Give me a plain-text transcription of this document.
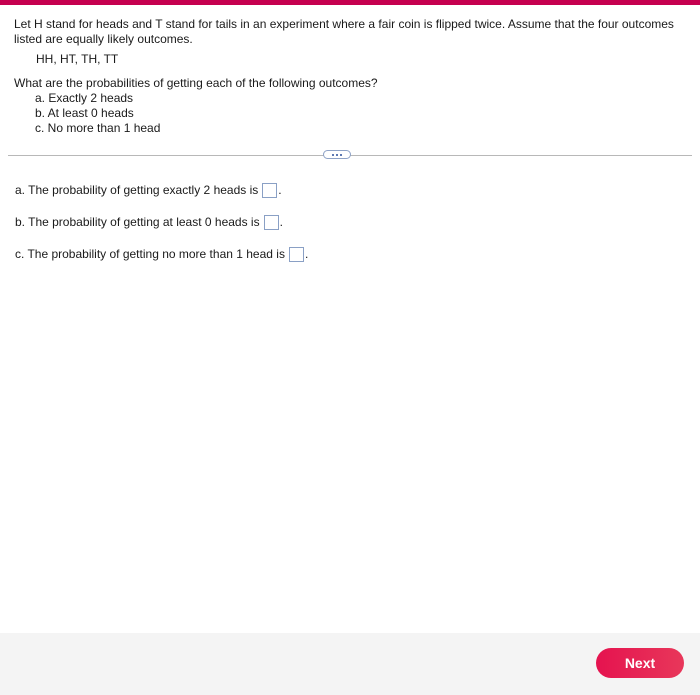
Let H stand for heads and T stand for tails in an experiment where a fair coin is flipped twice. Assume that the four outcomes listed are equally likely outcomes.

HH, HT, TH, TT

What are the probabilities of getting each of the following outcomes?

a. Exactly 2 heads
b. At least 0 heads
c. No more than 1 head
a. The probability of getting exactly 2 heads is .
b. The probability of getting at least 0 heads is .
c. The probability of getting no more than 1 head is .
Next
